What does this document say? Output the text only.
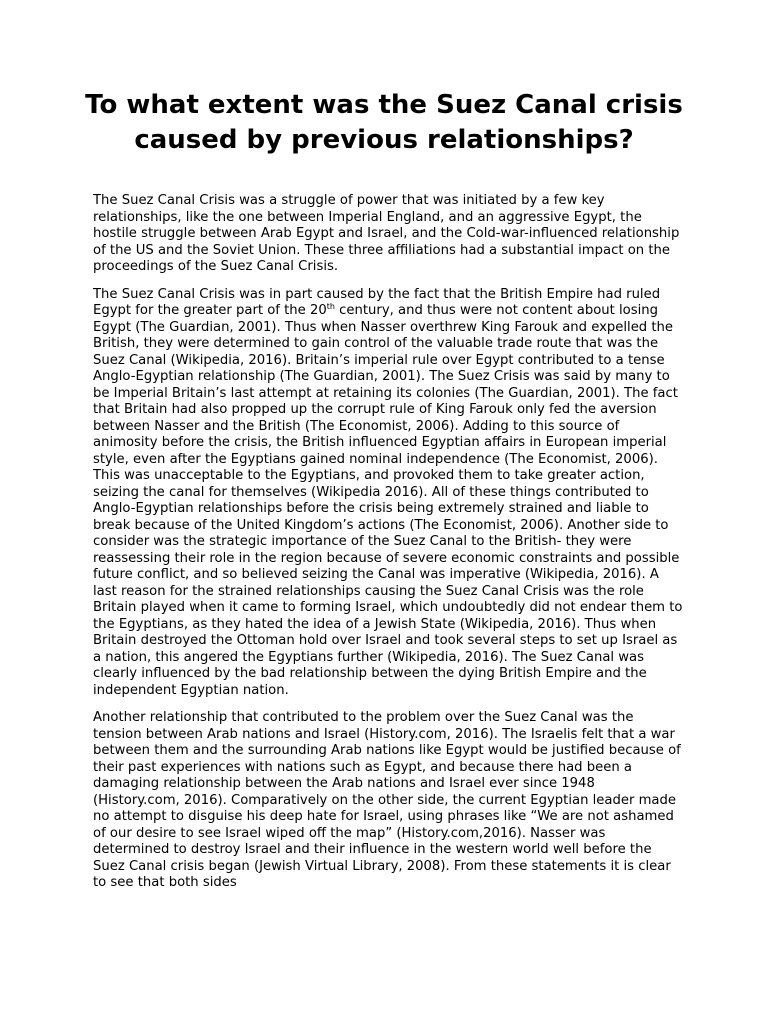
To what extent was the Suez Canal crisis caused by previous relationships?

The Suez Canal Crisis was a struggle of power that was initiated by a few key relationships, like the one between Imperial England, and an aggressive Egypt, the hostile struggle between Arab Egypt and Israel, and the Cold-war-influenced relationship of the US and the Soviet Union. These three affiliations had a substantial impact on the proceedings of the Suez Canal Crisis.

The Suez Canal Crisis was in part caused by the fact that the British Empire had ruled Egypt for the greater part of the 20th century, and thus were not content about losing Egypt (The Guardian, 2001). Thus when Nasser overthrew King Farouk and expelled the British, they were determined to gain control of the valuable trade route that was the Suez Canal (Wikipedia, 2016). Britain’s imperial rule over Egypt contributed to a tense Anglo-Egyptian relationship (The Guardian, 2001). The Suez Crisis was said by many to be Imperial Britain’s last attempt at retaining its colonies (The Guardian, 2001). The fact that Britain had also propped up the corrupt rule of King Farouk only fed the aversion between Nasser and the British (The Economist, 2006). Adding to this source of animosity before the crisis, the British influenced Egyptian affairs in European imperial style, even after the Egyptians gained nominal independence (The Economist, 2006). This was unacceptable to the Egyptians, and provoked them to take greater action, seizing the canal for themselves (Wikipedia 2016). All of these things contributed to Anglo-Egyptian relationships before the crisis being extremely strained and liable to break because of the United Kingdom’s actions (The Economist, 2006). Another side to consider was the strategic importance of the Suez Canal to the British- they were reassessing their role in the region because of severe economic constraints and possible future conflict, and so believed seizing the Canal was imperative (Wikipedia, 2016). A last reason for the strained relationships causing the Suez Canal Crisis was the role Britain played when it came to forming Israel, which undoubtedly did not endear them to the Egyptians, as they hated the idea of a Jewish State (Wikipedia, 2016). Thus when Britain destroyed the Ottoman hold over Israel and took several steps to set up Israel as a nation, this angered the Egyptians further (Wikipedia, 2016). The Suez Canal was clearly influenced by the bad relationship between the dying British Empire and the independent Egyptian nation.

Another relationship that contributed to the problem over the Suez Canal was the tension between Arab nations and Israel (History.com, 2016). The Israelis felt that a war between them and the surrounding Arab nations like Egypt would be justified because of their past experiences with nations such as Egypt, and because there had been a damaging relationship between the Arab nations and Israel ever since 1948 (History.com, 2016). Comparatively on the other side, the current Egyptian leader made no attempt to disguise his deep hate for Israel, using phrases like “We are not ashamed of our desire to see Israel wiped off the map” (History.com,2016). Nasser was determined to destroy Israel and their influence in the western world well before the Suez Canal crisis began (Jewish Virtual Library, 2008). From these statements it is clear to see that both sides
